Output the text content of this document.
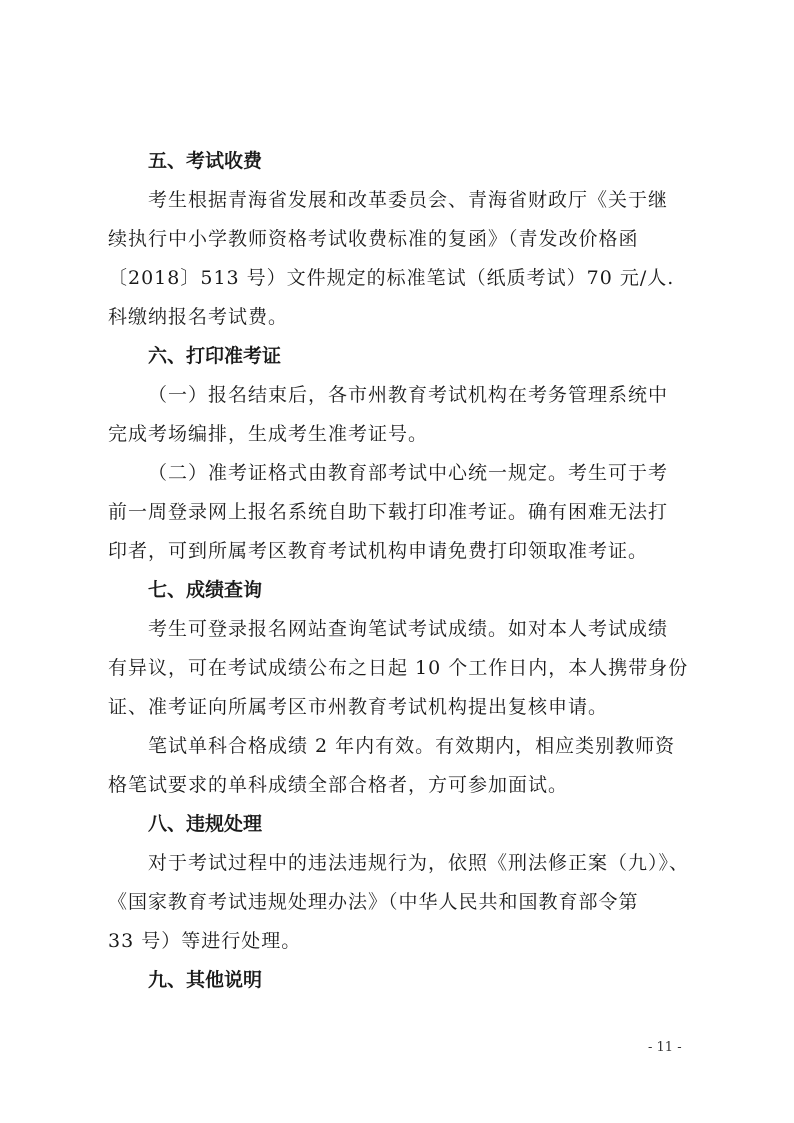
五、考试收费
考生根据青海省发展和改革委员会、青海省财政厅《关于继
续执行中小学教师资格考试收费标准的复函》（青发改价格函
〔2018〕513 号）文件规定的标准笔试（纸质考试）70 元/人.
科缴纳报名考试费。
六、打印准考证
（一）报名结束后，各市州教育考试机构在考务管理系统中
完成考场编排，生成考生准考证号。
（二）准考证格式由教育部考试中心统一规定。考生可于考
前一周登录网上报名系统自助下载打印准考证。确有困难无法打
印者，可到所属考区教育考试机构申请免费打印领取准考证。
七、成绩查询
考生可登录报名网站查询笔试考试成绩。如对本人考试成绩
有异议，可在考试成绩公布之日起 10 个工作日内，本人携带身份
证、准考证向所属考区市州教育考试机构提出复核申请。
笔试单科合格成绩 2 年内有效。有效期内，相应类别教师资
格笔试要求的单科成绩全部合格者，方可参加面试。
八、违规处理
对于考试过程中的违法违规行为，依照《刑法修正案（九）》、
《国家教育考试违规处理办法》（中华人民共和国教育部令第
33 号）等进行处理。
九、其他说明
- 11 -
